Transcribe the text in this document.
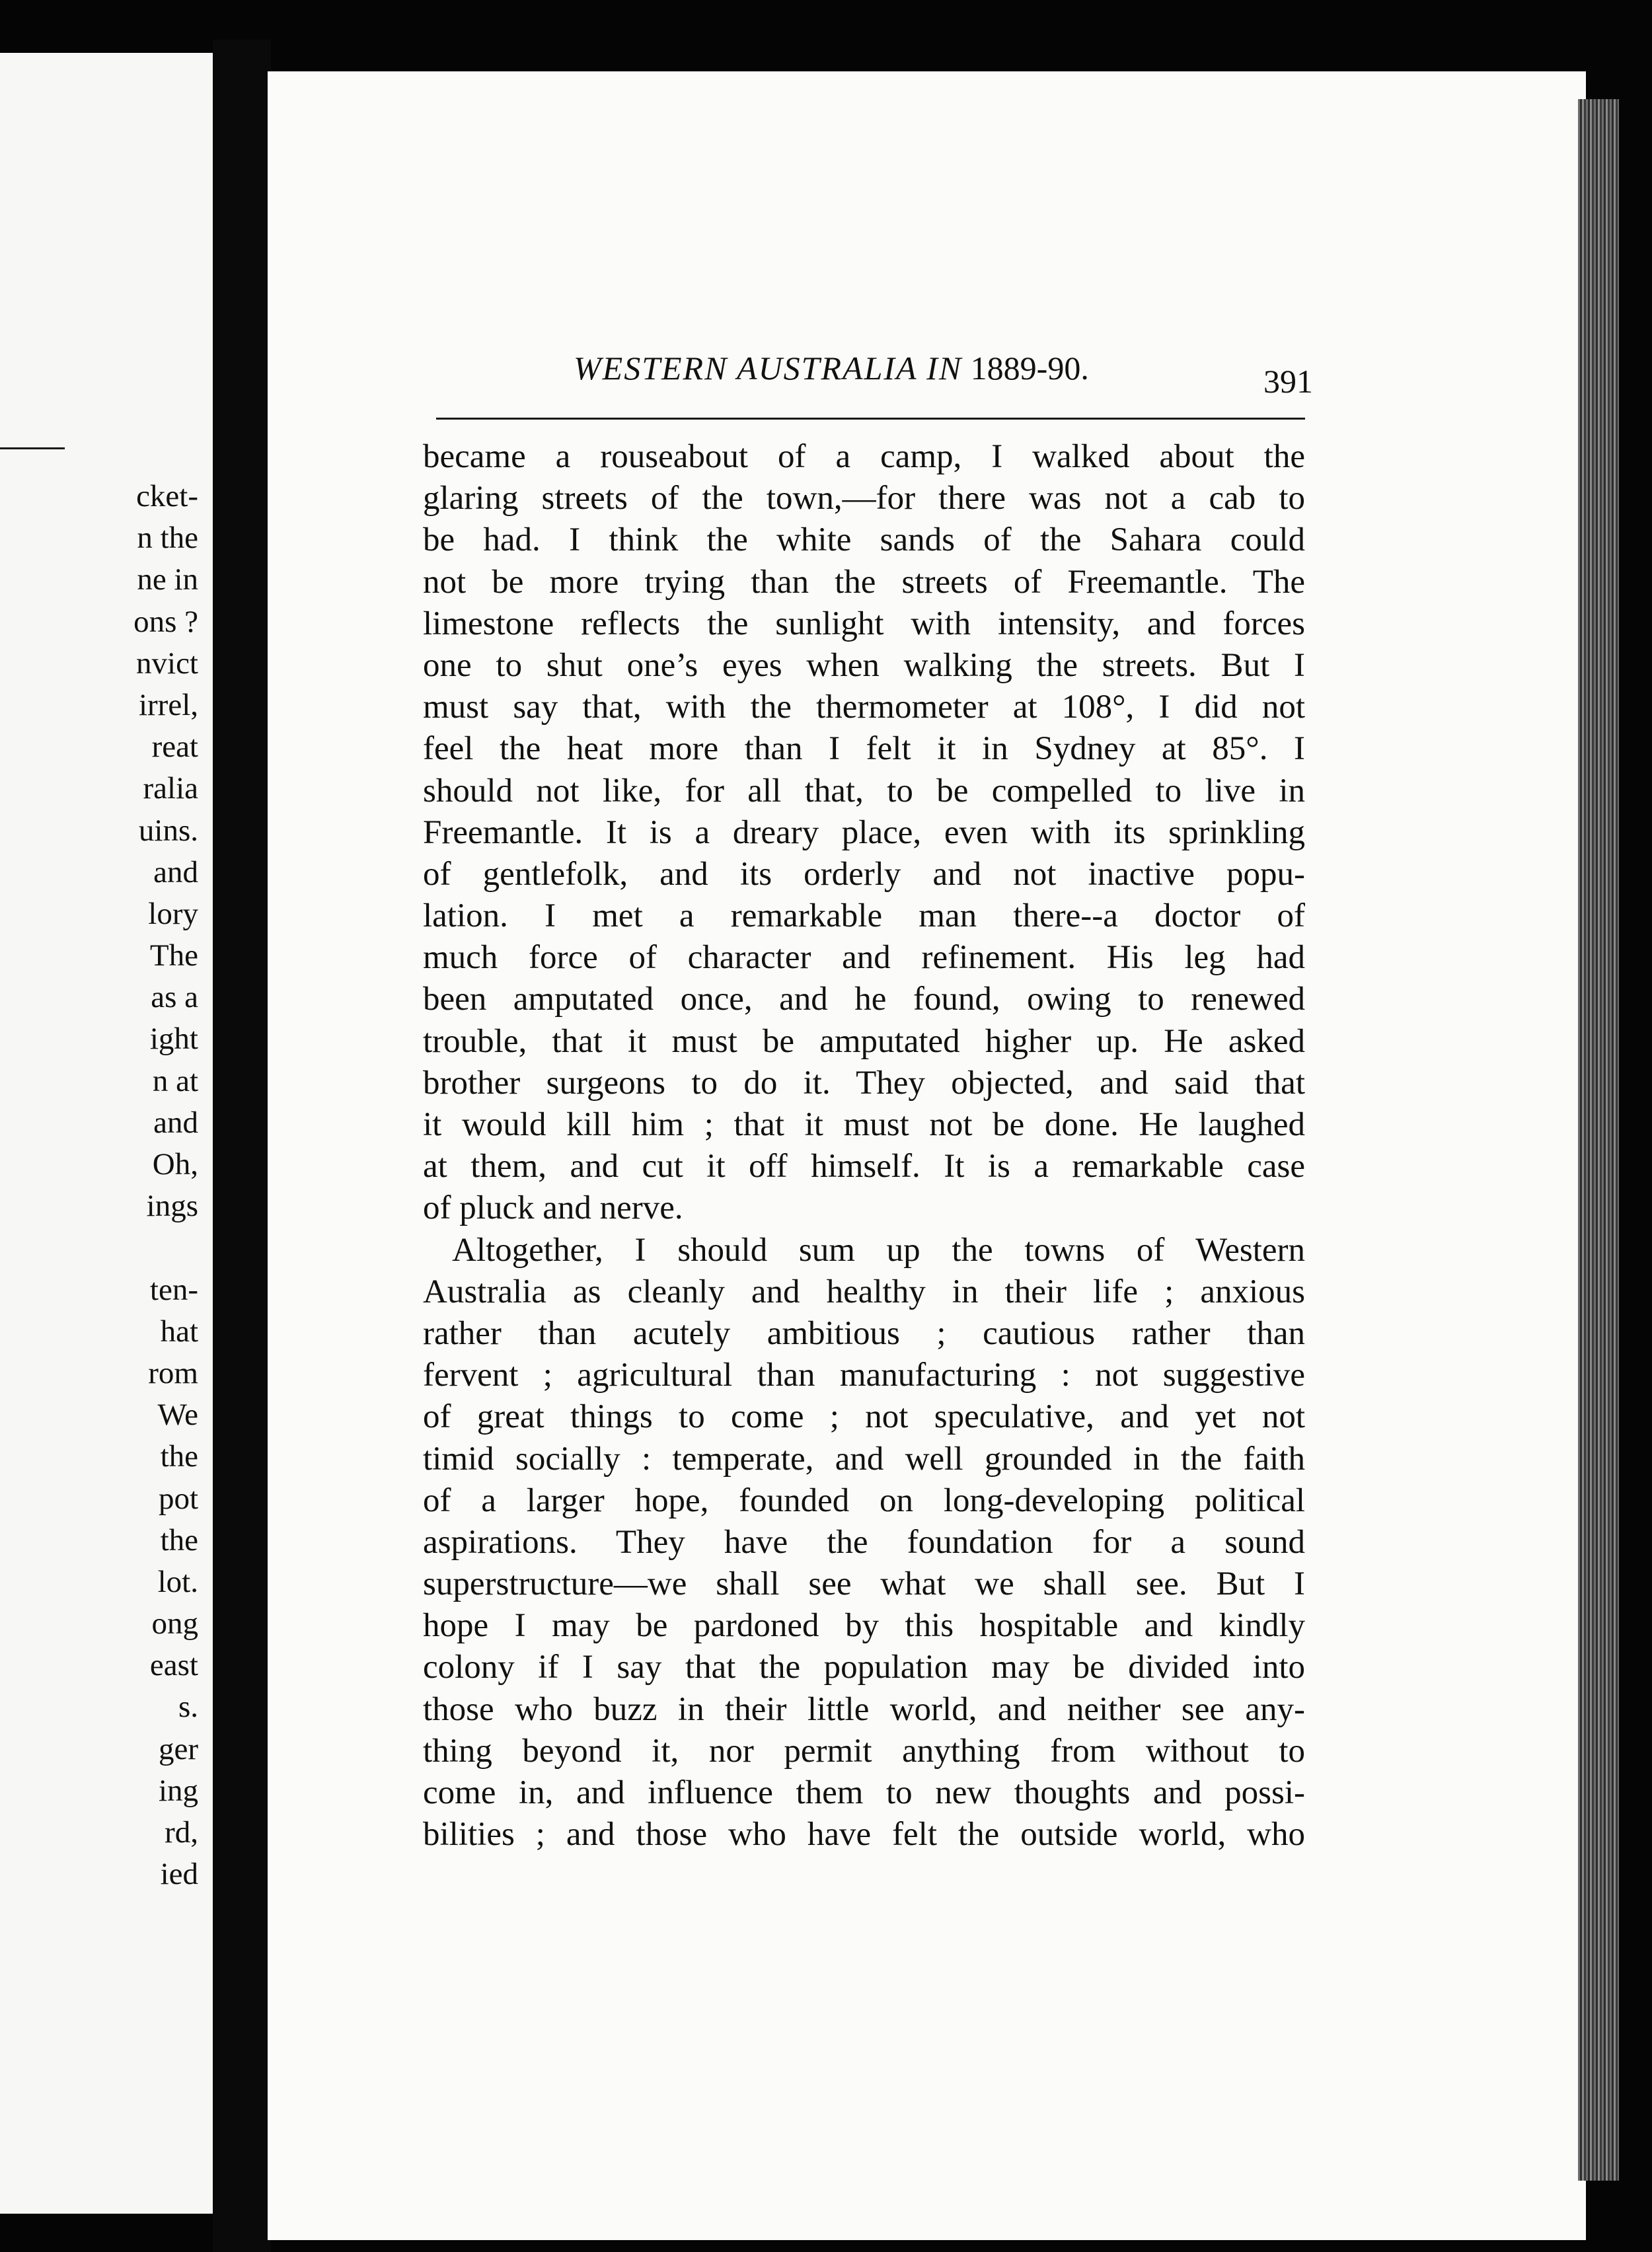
cket-
n the
ne in
ons ?
nvict
irrel,
reat
ralia
uins.
and
lory
The
as a
ight
n at
and
Oh,
ings
ten-
hat
rom
We
the
pot
the
lot.
ong
east
s.
ger
ing
rd,
ied
WESTERN AUSTRALIA IN 1889-90.	391
became a rouseabout of a camp, I walked about the
glaring streets of the town,—for there was not a cab to
be had. I think the white sands of the Sahara could
not be more trying than the streets of Freemantle. The
limestone reflects the sunlight with intensity, and forces
one to shut one’s eyes when walking the streets. But I
must say that, with the thermometer at 108°, I did not
feel the heat more than I felt it in Sydney at 85°. I
should not like, for all that, to be compelled to live in
Freemantle. It is a dreary place, even with its sprinkling
of gentlefolk, and its orderly and not inactive popu-
lation. I met a remarkable man there--a doctor of
much force of character and refinement. His leg had
been amputated once, and he found, owing to renewed
trouble, that it must be amputated higher up. He asked
brother surgeons to do it. They objected, and said that
it would kill him ; that it must not be done. He laughed
at them, and cut it off himself. It is a remarkable case
of pluck and nerve.
Altogether, I should sum up the towns of Western
Australia as cleanly and healthy in their life ; anxious
rather than acutely ambitious ; cautious rather than
fervent ; agricultural than manufacturing : not suggestive
of great things to come ; not speculative, and yet not
timid socially : temperate, and well grounded in the faith
of a larger hope, founded on long-developing political
aspirations. They have the foundation for a sound
superstructure—we shall see what we shall see. But I
hope I may be pardoned by this hospitable and kindly
colony if I say that the population may be divided into
those who buzz in their little world, and neither see any-
thing beyond it, nor permit anything from without to
come in, and influence them to new thoughts and possi-
bilities ; and those who have felt the outside world, who
